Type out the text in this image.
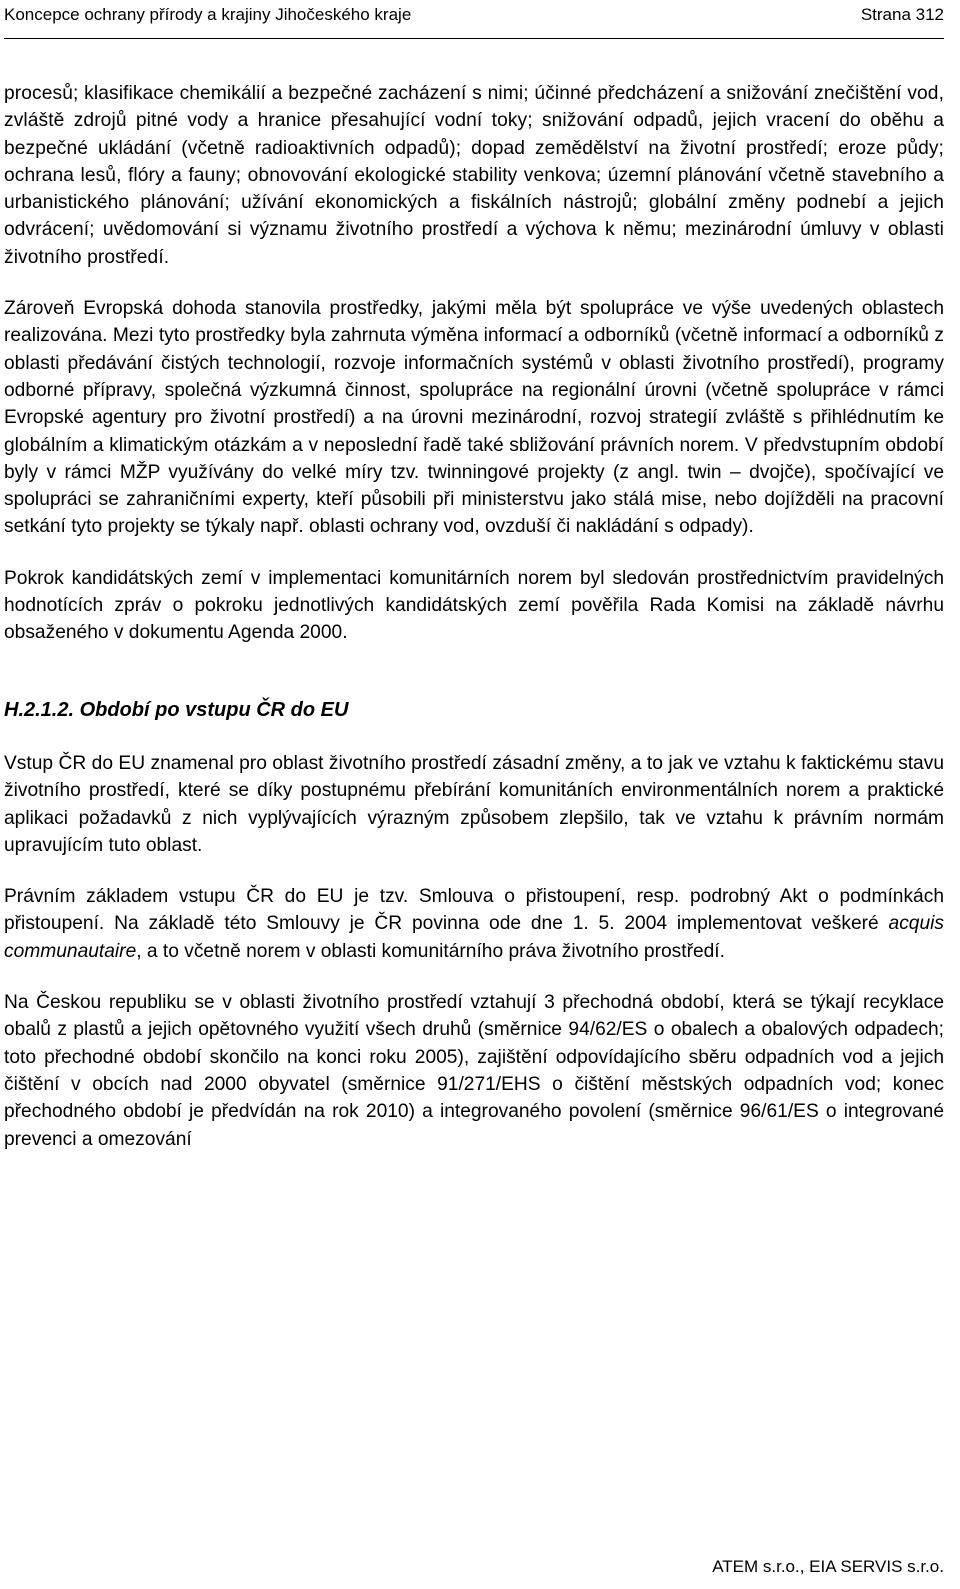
Koncepce ochrany přírody a krajiny Jihočeského kraje	Strana 312

procesů; klasifikace chemikálií a bezpečné zacházení s nimi; účinné předcházení a snižování znečištění vod, zvláště zdrojů pitné vody a hranice přesahující vodní toky; snižování odpadů, jejich vracení do oběhu a bezpečné ukládání (včetně radioaktivních odpadů); dopad zemědělství na životní prostředí; eroze půdy; ochrana lesů, flóry a fauny; obnovování ekologické stability venkova; územní plánování včetně stavebního a urbanistického plánování; užívání ekonomických a fiskálních nástrojů; globální změny podnebí a jejich odvrácení; uvědomování si významu životního prostředí a výchova k němu; mezinárodní úmluvy v oblasti životního prostředí.

Zároveň Evropská dohoda stanovila prostředky, jakými měla být spolupráce ve výše uvedených oblastech realizována. Mezi tyto prostředky byla zahrnuta výměna informací a odborníků (včetně informací a odborníků z oblasti předávání čistých technologií, rozvoje informačních systémů v oblasti životního prostředí), programy odborné přípravy, společná výzkumná činnost, spolupráce na regionální úrovni (včetně spolupráce v rámci Evropské agentury pro životní prostředí) a na úrovni mezinárodní, rozvoj strategií zvláště s přihlédnutím ke globálním a klimatickým otázkám a v neposlední řadě také sbližování právních norem. V předvstupním období byly v rámci MŽP využívány do velké míry tzv. twinningové projekty (z angl. twin – dvojče), spočívající ve spolupráci se zahraničními experty, kteří působili při ministerstvu jako stálá mise, nebo dojížděli na pracovní setkání tyto projekty se týkaly např. oblasti ochrany vod, ovzduší či nakládání s odpady).

Pokrok kandidátských zemí v implementaci komunitárních norem byl sledován prostřednictvím pravidelných hodnotících zpráv o pokroku jednotlivých kandidátských zemí pověřila Rada Komisi na základě návrhu obsaženého v dokumentu Agenda 2000.

H.2.1.2. Období po vstupu ČR do EU

Vstup ČR do EU znamenal pro oblast životního prostředí zásadní změny, a to jak ve vztahu k faktickému stavu životního prostředí, které se díky postupnému přebírání komunitáních environmentálních norem a praktické aplikaci požadavků z nich vyplývajících výrazným způsobem zlepšilo, tak ve vztahu k právním normám upravujícím tuto oblast.

Právním základem vstupu ČR do EU je tzv. Smlouva o přistoupení, resp. podrobný Akt o podmínkách přistoupení. Na základě této Smlouvy je ČR povinna ode dne 1. 5. 2004 implementovat veškeré acquis communautaire, a to včetně norem v oblasti komunitárního práva životního prostředí.

Na Českou republiku se v oblasti životního prostředí vztahují 3 přechodná období, která se týkají recyklace obalů z plastů a jejich opětovného využití všech druhů (směrnice 94/62/ES o obalech a obalových odpadech; toto přechodné období skončilo na konci roku 2005), zajištění odpovídajícího sběru odpadních vod a jejich čištění v obcích nad 2000 obyvatel (směrnice 91/271/EHS o čištění městských odpadních vod; konec přechodného období je předvídán na rok 2010) a integrovaného povolení (směrnice 96/61/ES o integrované prevenci a omezování

ATEM s.r.o., EIA SERVIS s.r.o.
